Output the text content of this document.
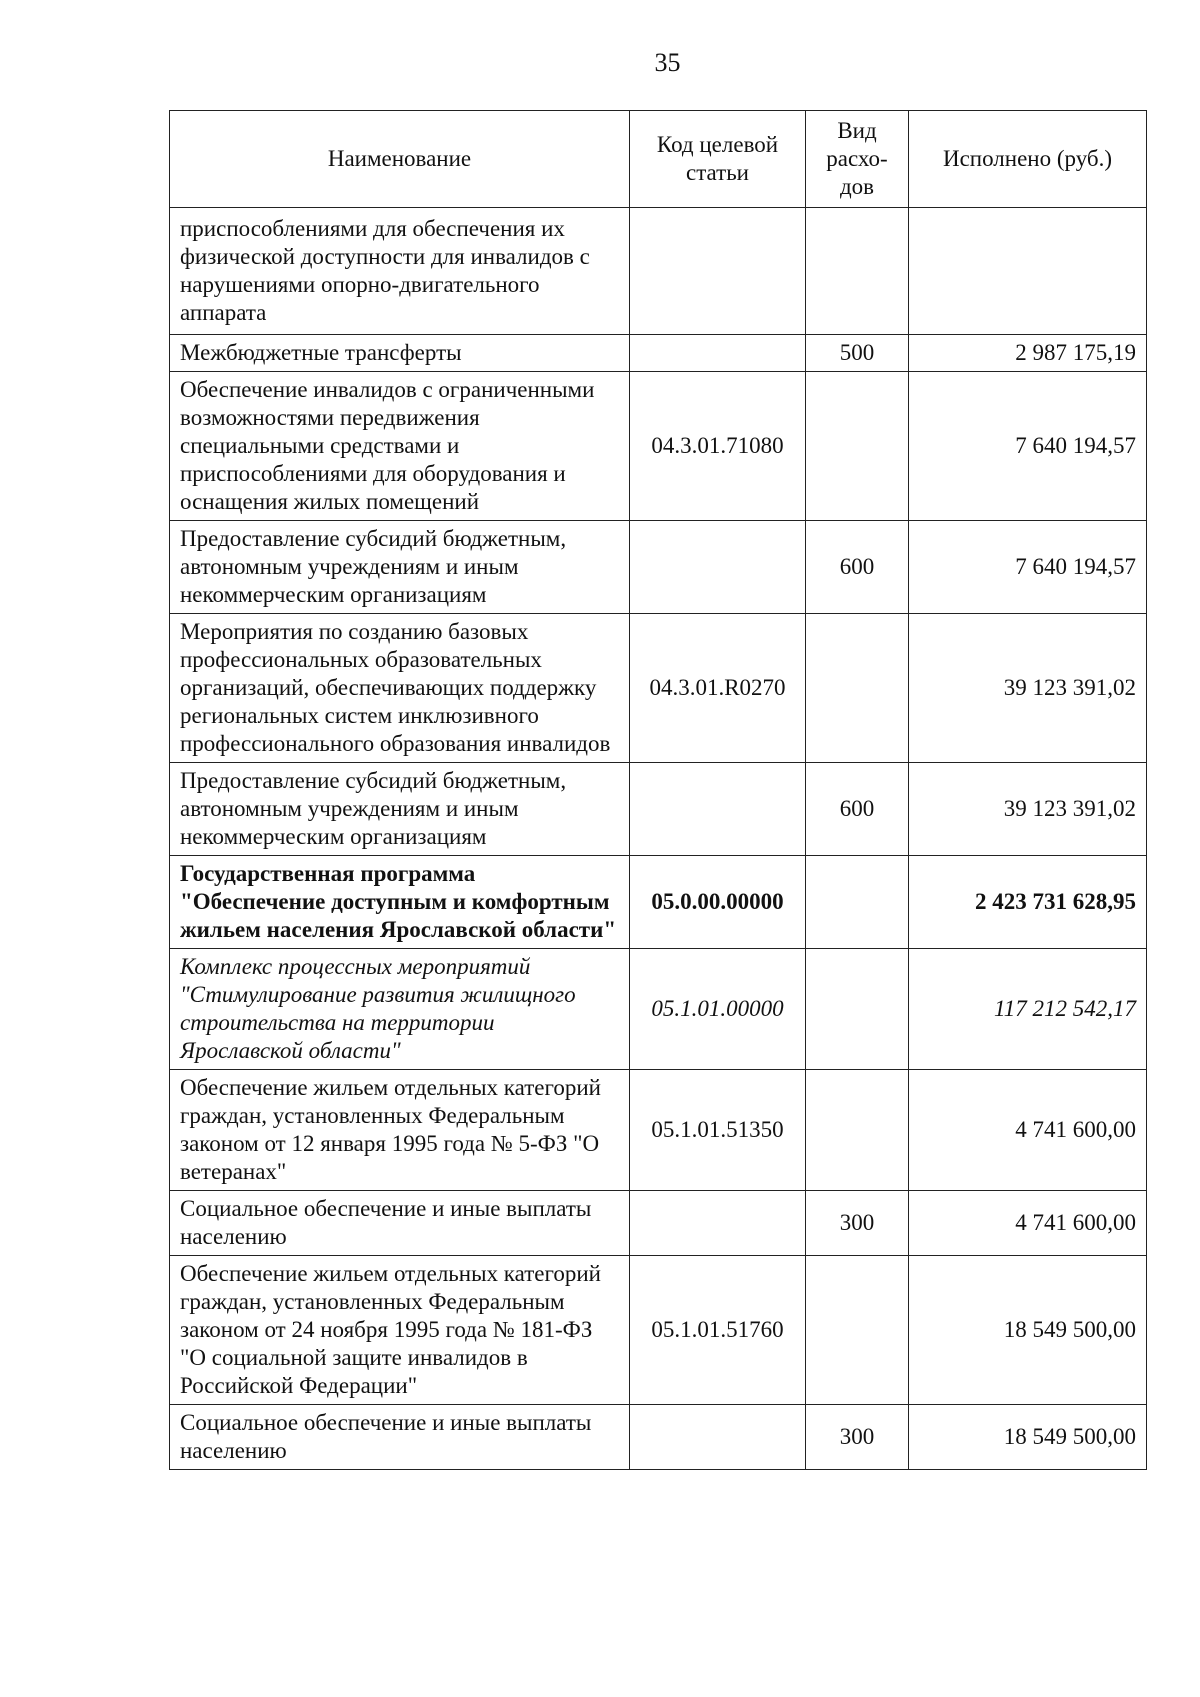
35
Наименование	Код целевой статьи	Вид расхо- дов	Исполнено (руб.)
приспособлениями для обеспечения их физической доступности для инвалидов с нарушениями опорно-двигательного аппарата			
Межбюджетные трансферты		500	2 987 175,19
Обеспечение инвалидов с ограниченными возможностями передвижения специальными средствами и приспособлениями для оборудования и оснащения жилых помещений	04.3.01.71080		7 640 194,57
Предоставление субсидий бюджетным, автономным учреждениям и иным некоммерческим организациям		600	7 640 194,57
Мероприятия по созданию базовых профессиональных образовательных организаций, обеспечивающих поддержку региональных систем инклюзивного профессионального образования инвалидов	04.3.01.R0270		39 123 391,02
Предоставление субсидий бюджетным, автономным учреждениям и иным некоммерческим организациям		600	39 123 391,02
Государственная программа "Обеспечение доступным и комфортным жильем населения Ярославской области"	05.0.00.00000		2 423 731 628,95
Комплекс процессных мероприятий "Стимулирование развития жилищного строительства на территории Ярославской области"	05.1.01.00000		117 212 542,17
Обеспечение жильем отдельных категорий граждан, установленных Федеральным законом от 12 января 1995 года № 5-ФЗ "О ветеранах"	05.1.01.51350		4 741 600,00
Социальное обеспечение и иные выплаты населению		300	4 741 600,00
Обеспечение жильем отдельных категорий граждан, установленных Федеральным законом от 24 ноября 1995 года № 181-ФЗ "О социальной защите инвалидов в Российской Федерации"	05.1.01.51760		18 549 500,00
Социальное обеспечение и иные выплаты населению		300	18 549 500,00
